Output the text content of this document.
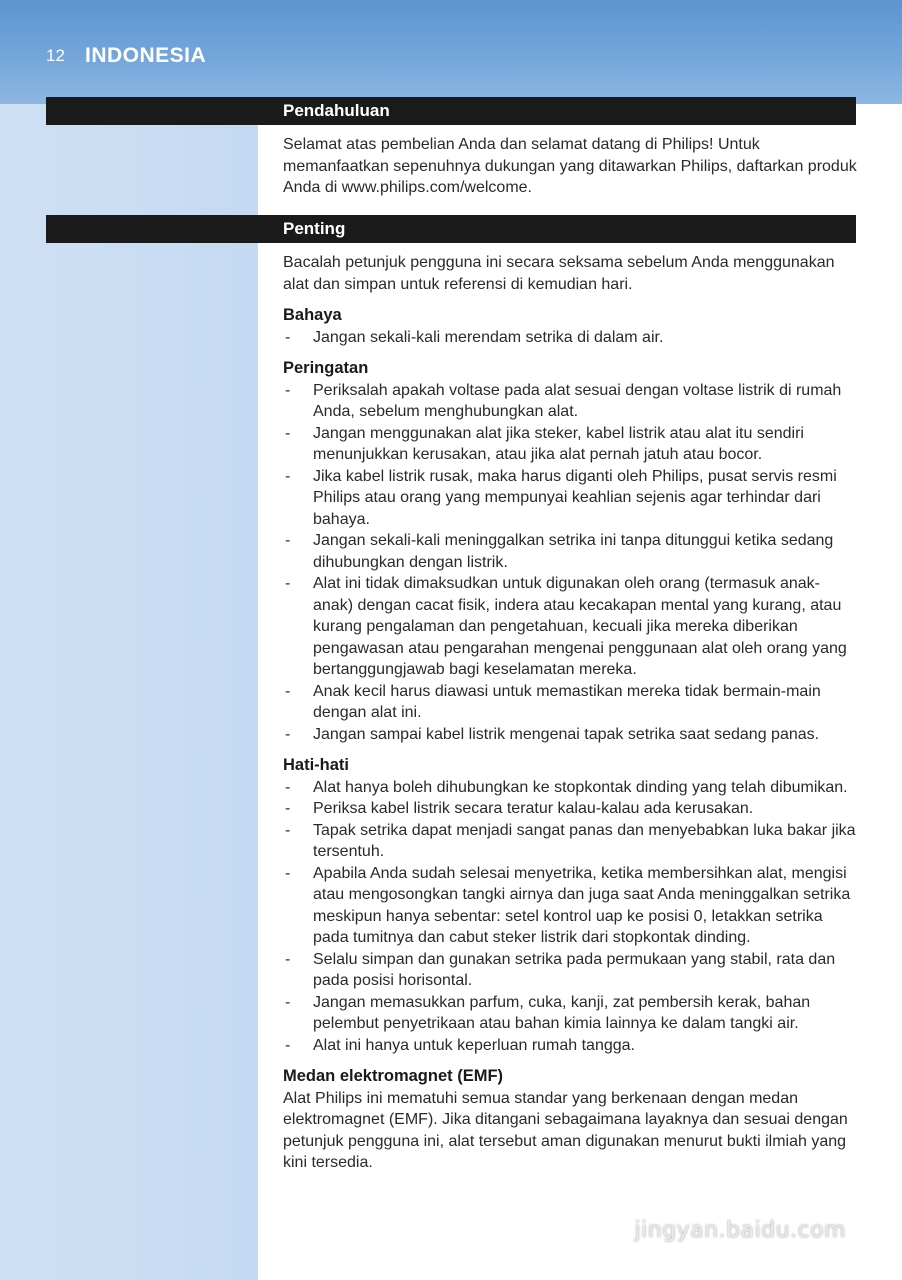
12 INDONESIA
Pendahuluan

Selamat atas pembelian Anda dan selamat datang di Philips! Untuk memanfaatkan sepenuhnya dukungan yang ditawarkan Philips, daftarkan produk Anda di www.philips.com/welcome.

Penting

Bacalah petunjuk pengguna ini secara seksama sebelum Anda menggunakan alat dan simpan untuk referensi di kemudian hari.

Bahaya
- Jangan sekali-kali merendam setrika di dalam air.
Peringatan
- Periksalah apakah voltase pada alat sesuai dengan voltase listrik di rumah Anda, sebelum menghubungkan alat.
- Jangan menggunakan alat jika steker, kabel listrik atau alat itu sendiri menunjukkan kerusakan, atau jika alat pernah jatuh atau bocor.
- Jika kabel listrik rusak, maka harus diganti oleh Philips, pusat servis resmi Philips atau orang yang mempunyai keahlian sejenis agar terhindar dari bahaya.
- Jangan sekali-kali meninggalkan setrika ini tanpa ditunggui ketika sedang dihubungkan dengan listrik.
- Alat ini tidak dimaksudkan untuk digunakan oleh orang (termasuk anak-anak) dengan cacat fisik, indera atau kecakapan mental yang kurang, atau kurang pengalaman dan pengetahuan, kecuali jika mereka diberikan pengawasan atau pengarahan mengenai penggunaan alat oleh orang yang bertanggungjawab bagi keselamatan mereka.
- Anak kecil harus diawasi untuk memastikan mereka tidak bermain-main dengan alat ini.
- Jangan sampai kabel listrik mengenai tapak setrika saat sedang panas.
Hati-hati
- Alat hanya boleh dihubungkan ke stopkontak dinding yang telah dibumikan.
- Periksa kabel listrik secara teratur kalau-kalau ada kerusakan.
- Tapak setrika dapat menjadi sangat panas dan menyebabkan luka bakar jika tersentuh.
- Apabila Anda sudah selesai menyetrika, ketika membersihkan alat, mengisi atau mengosongkan tangki airnya dan juga saat Anda meninggalkan setrika meskipun hanya sebentar: setel kontrol uap ke posisi 0, letakkan setrika pada tumitnya dan cabut steker listrik dari stopkontak dinding.
- Selalu simpan dan gunakan setrika pada permukaan yang stabil, rata dan pada posisi horisontal.
- Jangan memasukkan parfum, cuka, kanji, zat pembersih kerak, bahan pelembut penyetrikaan atau bahan kimia lainnya ke dalam tangki air.
- Alat ini hanya untuk keperluan rumah tangga.
Medan elektromagnet (EMF)

Alat Philips ini mematuhi semua standar yang berkenaan dengan medan elektromagnet (EMF). Jika ditangani sebagaimana layaknya dan sesuai dengan petunjuk pengguna ini, alat tersebut aman digunakan menurut bukti ilmiah yang kini tersedia.

jingyan.baidu.com
